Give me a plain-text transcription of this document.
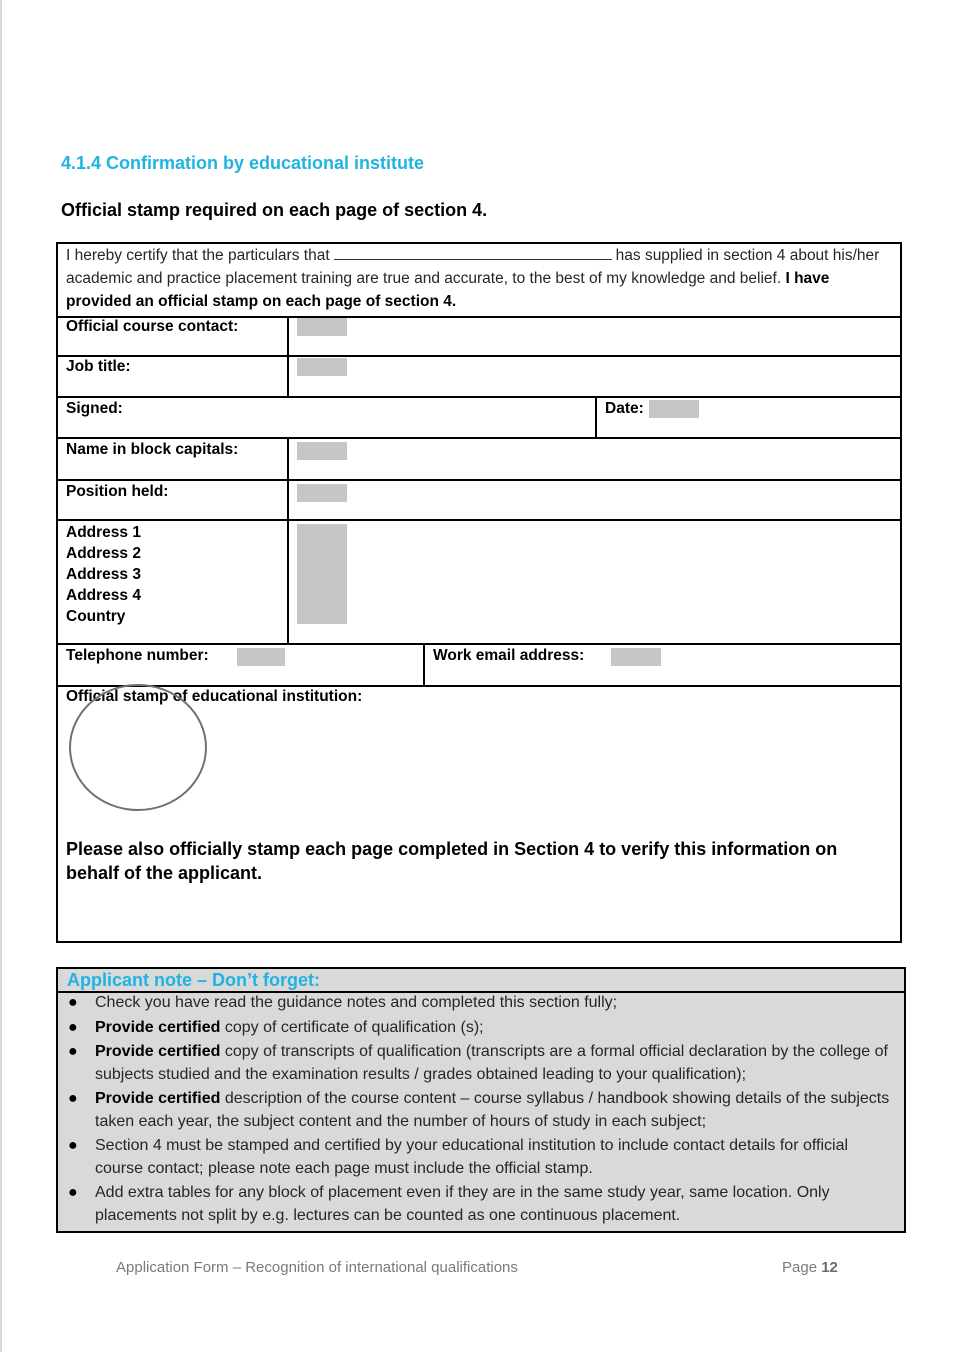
4.1.4 Confirmation by educational institute
Official stamp required on each page of section 4.
I hereby certify that the particulars that	has supplied in section 4 about his/her academic and practice placement training are true and accurate, to the best of my knowledge and belief. I have provided an official stamp on each page of section 4.
Official course contact:
Job title:
Signed:	Date:
Name in block capitals:
Position held:
Address 1
Address 2
Address 3
Address 4
Country
Telephone number:	Work email address:
Official stamp of educational institution:
Please also officially stamp each page completed in Section 4 to verify this information on behalf of the applicant.
Applicant note – Don’t forget:
● Check you have read the guidance notes and completed this section fully;
● Provide certified copy of certificate of qualification (s);
● Provide certified copy of transcripts of qualification (transcripts are a formal official declaration by the college of subjects studied and the examination results / grades obtained leading to your qualification);
● Provide certified description of the course content – course syllabus / handbook showing details of the subjects taken each year, the subject content and the number of hours of study in each subject;
● Section 4 must be stamped and certified by your educational institution to include contact details for official course contact; please note each page must include the official stamp.
● Add extra tables for any block of placement even if they are in the same study year, same location. Only placements not split by e.g. lectures can be counted as one continuous placement.
Application Form – Recognition of international qualifications	Page 12
